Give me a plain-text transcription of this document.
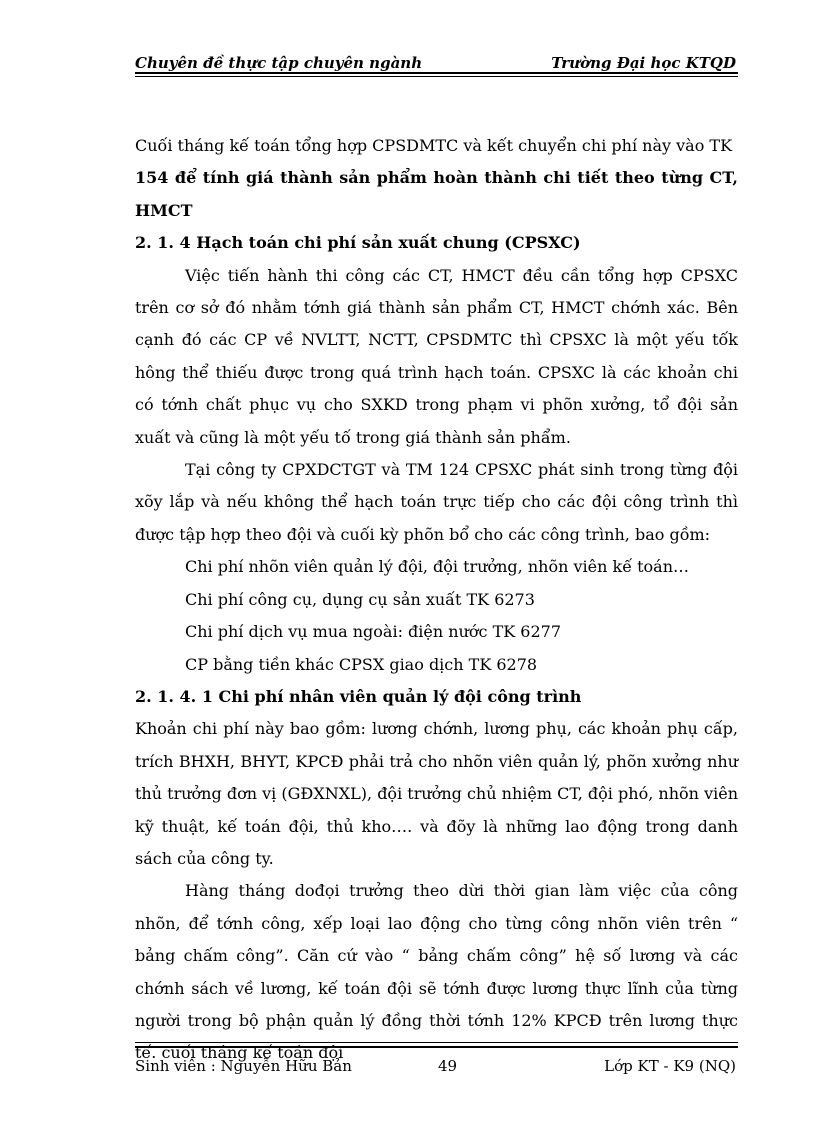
Chuyên đề thực tập chuyên ngành	Trường Đại học KTQD

Cuối tháng kế toán tổng hợp CPSDMTC và kết chuyển chi phí này vào TK

154 để tính giá thành sản phẩm hoàn thành chi tiết theo từng CT, HMCT

2. 1. 4 Hạch toán chi phí sản xuất chung (CPSXC)

Việc tiến hành thi công các CT, HMCT đều cần tổng hợp CPSXC trên cơ sở đó nhằm tớnh giá thành sản phẩm CT, HMCT chớnh xác. Bên cạnh đó các CP về NVLTT, NCTT, CPSDMTC thì CPSXC là một yếu tốk hông thể thiếu được trong quá trình hạch toán. CPSXC là các khoản chi có tớnh chất phục vụ cho SXKD trong phạm vi phõn xưởng, tổ đội sản xuất và cũng là một yếu tố trong giá thành sản phẩm.

Tại công ty CPXDCTGT và TM 124 CPSXC phát sinh trong từng đội xõy lắp và nếu không thể hạch toán trực tiếp cho các đội công trình thì được tập hợp theo đội và cuối kỳ phõn bổ cho các công trình, bao gồm:

Chi phí nhõn viên quản lý đội, đội trưởng, nhõn viên kế toán…

Chi phí công cụ, dụng cụ sản xuất TK 6273

Chi phí dịch vụ mua ngoài: điện nước TK 6277

CP bằng tiền khác CPSX giao dịch TK 6278

2. 1. 4. 1 Chi phí nhân viên quản lý đội công trình

Khoản chi phí này bao gồm: lương chớnh, lương phụ, các khoản phụ cấp, trích BHXH, BHYT, KPCĐ phải trả cho nhõn viên quản lý, phõn xưởng như thủ trưởng đơn vị (GĐXNXL), đội trưởng chủ nhiệm CT, đội phó, nhõn viên kỹ thuật, kế toán đội, thủ kho…. và đõy là những lao động trong danh sách của công ty.

Hàng tháng dođọi trưởng theo dừi thời gian làm việc của công nhõn, để tớnh công, xếp loại lao động cho từng công nhõn viên trên “ bảng chấm công”. Căn cứ vào “ bảng chấm công” hệ số lương và các chớnh sách về lương, kế toán đội sẽ tớnh được lương thực lĩnh của từng người trong bộ phận quản lý đồng thời tớnh 12% KPCĐ trên lương thực tế. cuối tháng kế toán đội

Sinh viên : Nguyễn Hữu Bản	49	Lớp KT - K9 (NQ)
